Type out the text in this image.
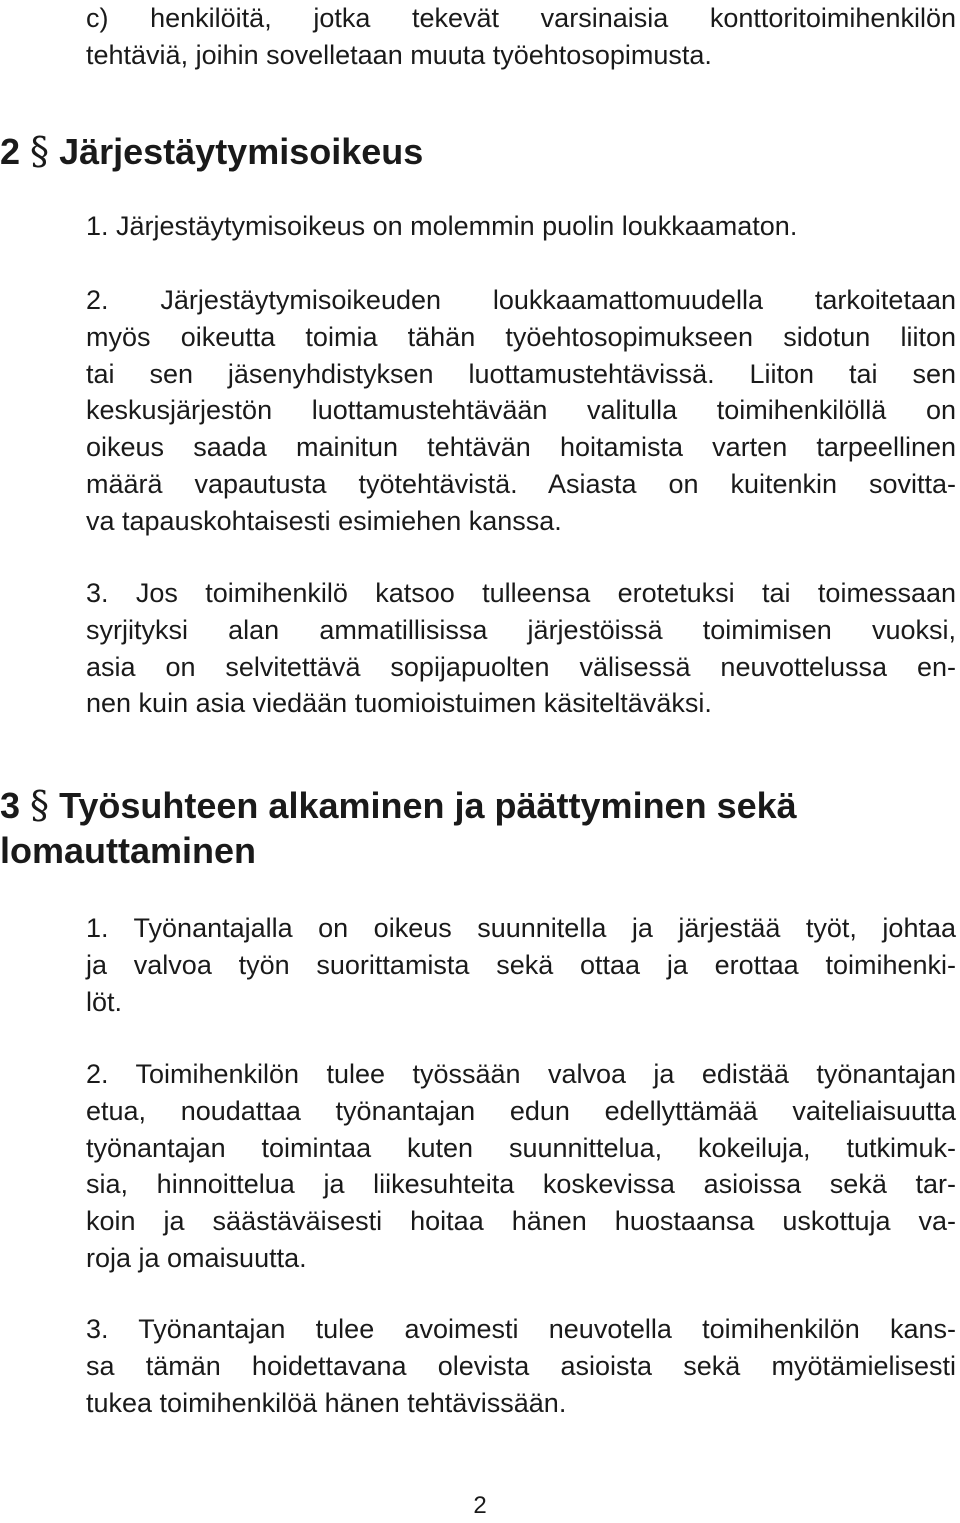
c) henkilöitä, jotka tekevät varsinaisia konttoritoimihenkilön
tehtäviä, joihin sovelletaan muuta työehtosopimusta.

2 § Järjestäytymisoikeus

1. Järjestäytymisoikeus on molemmin puolin loukkaamaton.

2. Järjestäytymisoikeuden loukkaamattomuudella tarkoitetaan
myös oikeutta toimia tähän työehtosopimukseen sidotun liiton
tai sen jäsenyhdistyksen luottamustehtävissä. Liiton tai sen
keskusjärjestön luottamustehtävään valitulla toimihenkilöllä on
oikeus saada mainitun tehtävän hoitamista varten tarpeellinen
määrä vapautusta työtehtävistä. Asiasta on kuitenkin sovitta-
va tapauskohtaisesti esimiehen kanssa.

3. Jos toimihenkilö katsoo tulleensa erotetuksi tai toimessaan
syrjityksi alan ammatillisissa järjestöissä toimimisen vuoksi,
asia on selvitettävä sopijapuolten välisessä neuvottelussa en-
nen kuin asia viedään tuomioistuimen käsiteltäväksi.

3 § Työsuhteen alkaminen ja päättyminen sekä
lomauttaminen

1. Työnantajalla on oikeus suunnitella ja järjestää työt, johtaa
ja valvoa työn suorittamista sekä ottaa ja erottaa toimihenki-
löt.

2. Toimihenkilön tulee työssään valvoa ja edistää työnantajan
etua, noudattaa työnantajan edun edellyttämää vaiteliaisuutta
työnantajan toimintaa kuten suunnittelua, kokeiluja, tutkimuk-
sia, hinnoittelua ja liikesuhteita koskevissa asioissa sekä tar-
koin ja säästäväisesti hoitaa hänen huostaansa uskottuja va-
roja ja omaisuutta.

3. Työnantajan tulee avoimesti neuvotella toimihenkilön kans-
sa tämän hoidettavana olevista asioista sekä myötämielisesti
tukea toimihenkilöä hänen tehtävissään.

2
